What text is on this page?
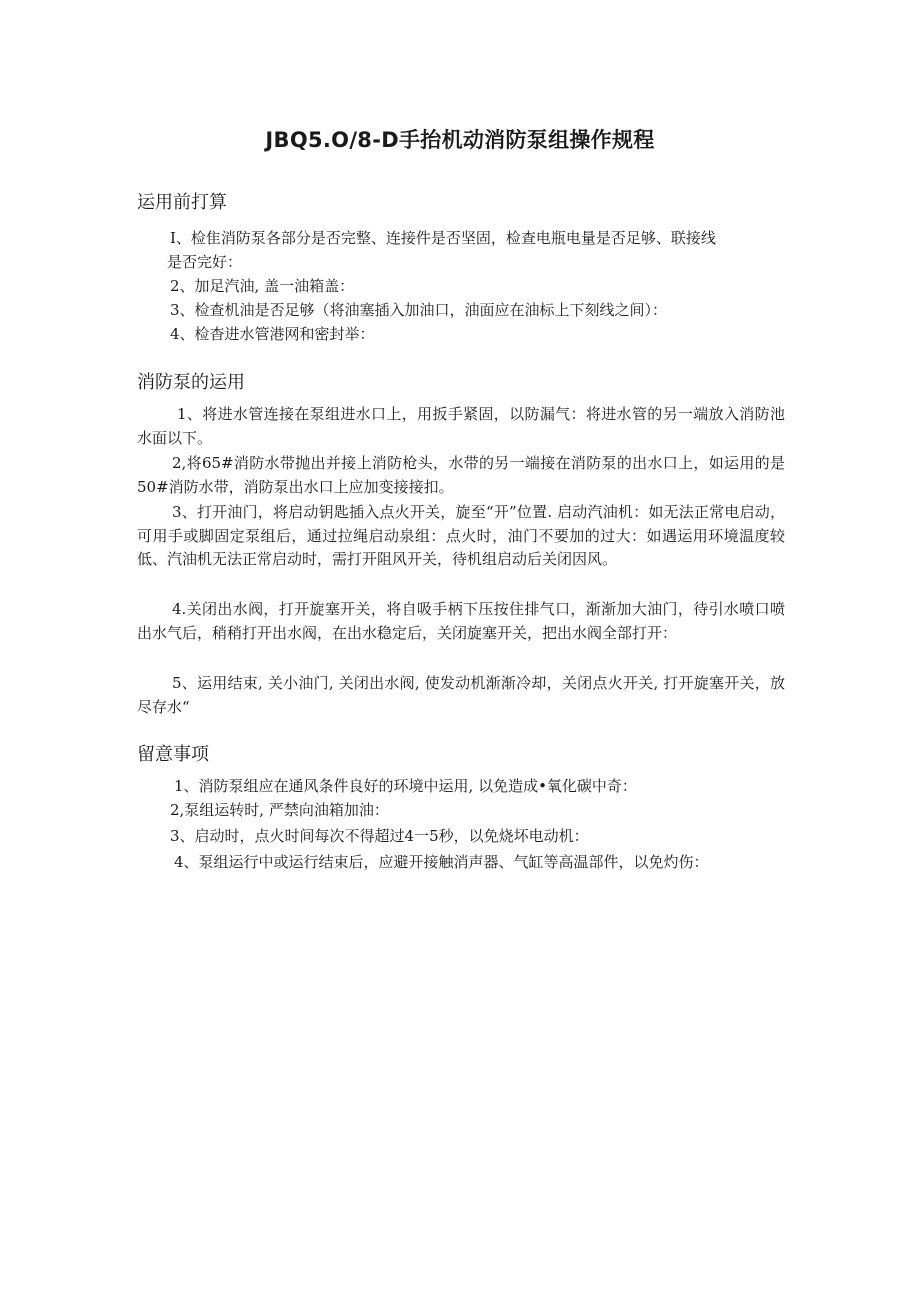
JBQ5.O/8-D手抬机动消防泵组操作规程
运用前打算

I、检隹消防泵各部分是否完整、连接件是否坚固，检查电瓶电量是否足够、联接线

是否完好：

2、加足汽油, 盖一油箱盖：

3、检查机油是否足够（将油塞插入加油口，油面应在油标上下刻线之间）：

4、检杳进水管港网和密封举：

消防泵的运用

1、将进水管连接在泵组进水口上，用扳手紧固，以防漏气：将进水管的另一端放入消防池水面以下。

2,将65#消防水带抛出并接上消防枪头，水带的另一端接在消防泵的出水口上，如运用的是50#消防水带，消防泵出水口上应加变接接扣。

3、打开油门，将启动钥匙插入点火开关，旋至“开”位置. 启动汽油机：如无法正常电启动，可用手或脚固定泵组后，通过拉绳启动泉组：点火时，油门不要加的过大：如遇运用环境温度较低、汽油机无法正常启动时，需打开阻风开关，待机组启动后关闭因风。

4.关闭出水阀，打开旋塞开关，将自吸手柄下压按住排气口，渐渐加大油门，待引水喷口喷出水气后，稍稍打开出水阀，在出水稳定后，关闭旋塞开关，把出水阀全部打开：

5、运用结束, 关小油门, 关闭出水阀, 使发动机渐渐冷却，关闭点火开关, 打开旋塞开关，放尽存水“

留意事项

1、消防泵组应在通风条件良好的环境中运用, 以免造成•氧化碳中奇：

2,泵组运转时, 严禁向油箱加油：

3、启动时，点火时间每次不得超过4一5秒，以免烧坏电动机：

4、泵组运行中或运行结束后，应避开接触消声器、气缸等高温部件，以免灼伤：
